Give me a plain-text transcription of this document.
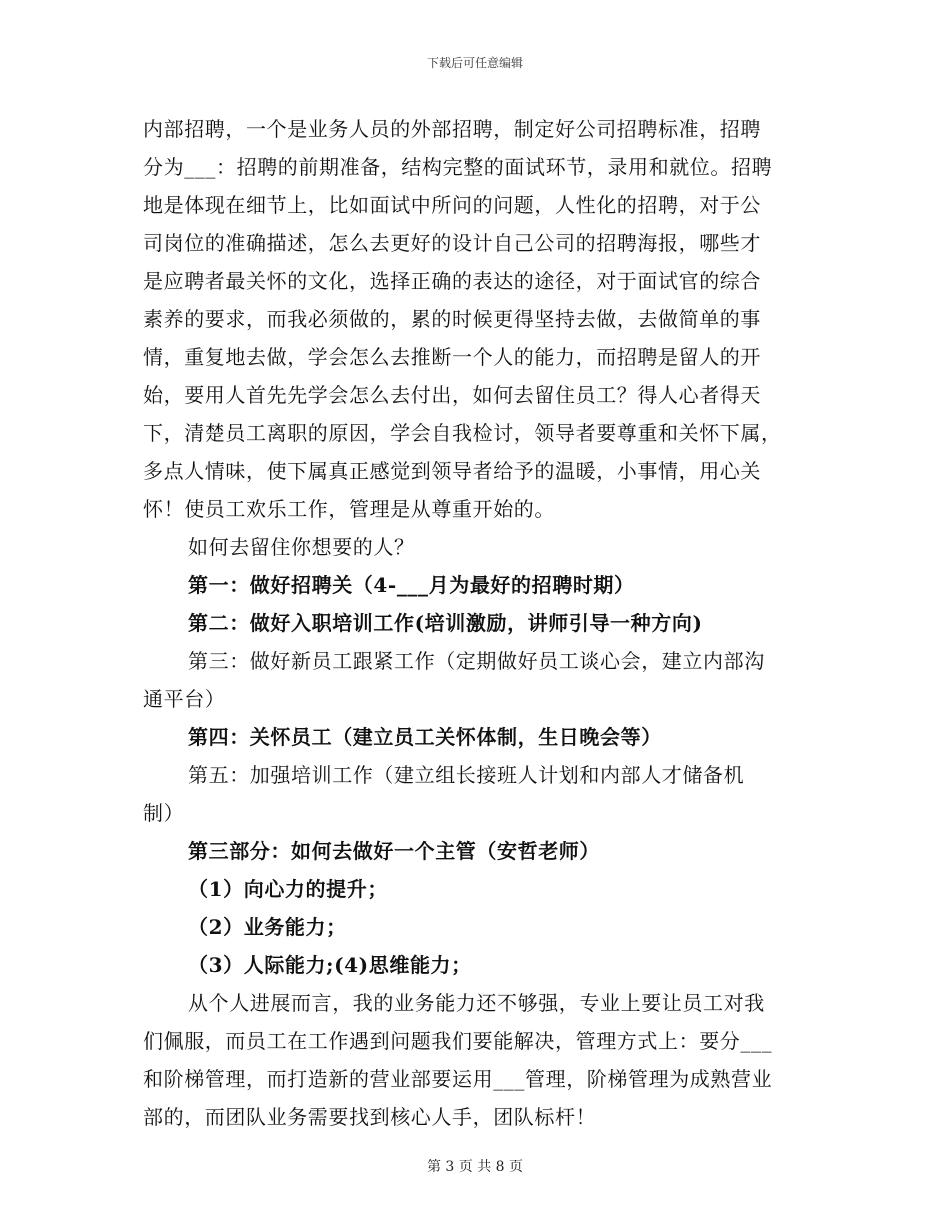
下载后可任意编辑
内部招聘，一个是业务人员的外部招聘，制定好公司招聘标准，招聘
分为___：招聘的前期准备，结构完整的面试环节，录用和就位。招聘
地是体现在细节上，比如面试中所问的问题，人性化的招聘，对于公
司岗位的准确描述，怎么去更好的设计自己公司的招聘海报，哪些才
是应聘者最关怀的文化，选择正确的表达的途径，对于面试官的综合
素养的要求，而我必须做的，累的时候更得坚持去做，去做简单的事
情，重复地去做，学会怎么去推断一个人的能力，而招聘是留人的开
始，要用人首先先学会怎么去付出，如何去留住员工？得人心者得天
下，清楚员工离职的原因，学会自我检讨，领导者要尊重和关怀下属，
多点人情味，使下属真正感觉到领导者给予的温暖，小事情，用心关
怀！使员工欢乐工作，管理是从尊重开始的。
如何去留住你想要的人？
第一：做好招聘关（4-___月为最好的招聘时期）
第二：做好入职培训工作(培训激励，讲师引导一种方向)
第三：做好新员工跟紧工作（定期做好员工谈心会，建立内部沟
通平台）
第四：关怀员工（建立员工关怀体制，生日晚会等）
第五：加强培训工作（建立组长接班人计划和内部人才储备机
制）
第三部分：如何去做好一个主管（安哲老师）
（1）向心力的提升；
（2）业务能力；
（3）人际能力;(4)思维能力；
从个人进展而言，我的业务能力还不够强，专业上要让员工对我
们佩服，而员工在工作遇到问题我们要能解决，管理方式上：要分___
和阶梯管理，而打造新的营业部要运用___管理，阶梯管理为成熟营业
部的，而团队业务需要找到核心人手，团队标杆！
第 3 页 共 8 页
